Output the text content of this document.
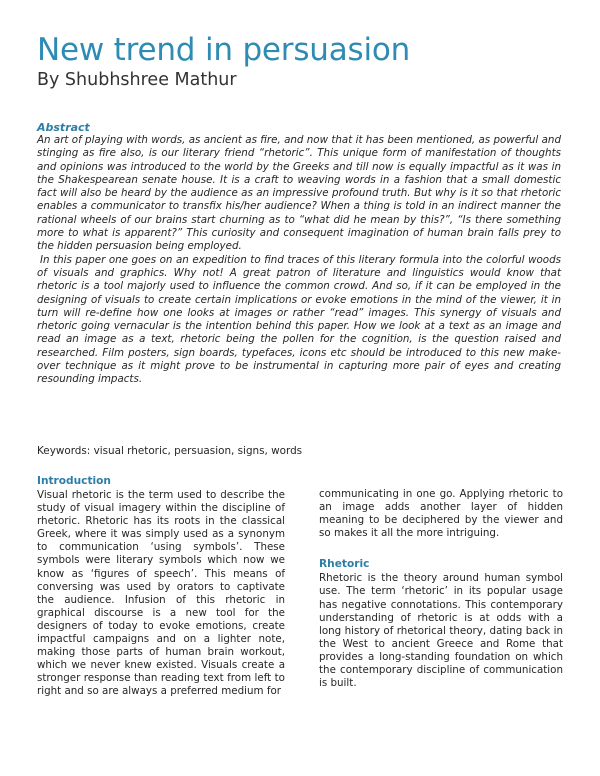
New trend in persuasion
By Shubhshree Mathur
Abstract

An art of playing with words, as ancient as fire, and now that it has been mentioned, as powerful and stinging as fire also, is our literary friend “rhetoric”. This unique form of manifestation of thoughts and opinions was introduced to the world by the Greeks and till now is equally impactful as it was in the Shakespearean senate house. It is a craft to weaving words in a fashion that a small domestic fact will also be heard by the audience as an impressive profound truth. But why is it so that rhetoric enables a communicator to transfix his/her audience? When a thing is told in an indirect manner the rational wheels of our brains start churning as to “what did he mean by this?”, “Is there something more to what is apparent?” This curiosity and consequent imagination of human brain falls prey to the hidden persuasion being employed.

In this paper one goes on an expedition to find traces of this literary formula into the colorful woods of visuals and graphics. Why not! A great patron of literature and linguistics would know that rhetoric is a tool majorly used to influence the common crowd. And so, if it can be employed in the designing of visuals to create certain implications or evoke emotions in the mind of the viewer, it in turn will re-define how one looks at images or rather “read” images. This synergy of visuals and rhetoric going vernacular is the intention behind this paper. How we look at a text as an image and read an image as a text, rhetoric being the pollen for the cognition, is the question raised and researched. Film posters, sign boards, typefaces, icons etc should be introduced to this new make-over technique as it might prove to be instrumental in capturing more pair of eyes and creating resounding impacts.

Keywords: visual rhetoric, persuasion, signs, words
Introduction

Visual rhetoric is the term used to describe the study of visual imagery within the discipline of rhetoric. Rhetoric has its roots in the classical Greek, where it was simply used as a synonym to communication ‘using symbols’. These symbols were literary symbols which now we know as ‘figures of speech’. This means of conversing was used by orators to captivate the audience. Infusion of this rhetoric in graphical discourse is a new tool for the designers of today to evoke emotions, create impactful campaigns and on a lighter note, making those parts of human brain workout, which we never knew existed. Visuals create a stronger response than reading text from left to right and so are always a preferred medium for

communicating in one go. Applying rhetoric to an image adds another layer of hidden meaning to be deciphered by the viewer and so makes it all the more intriguing.

Rhetoric

Rhetoric is the theory around human symbol use. The term ‘rhetoric’ in its popular usage has negative connotations. This contemporary understanding of rhetoric is at odds with a long history of rhetorical theory, dating back in the West to ancient Greece and Rome that provides a long-standing foundation on which the contemporary discipline of communication is built.
